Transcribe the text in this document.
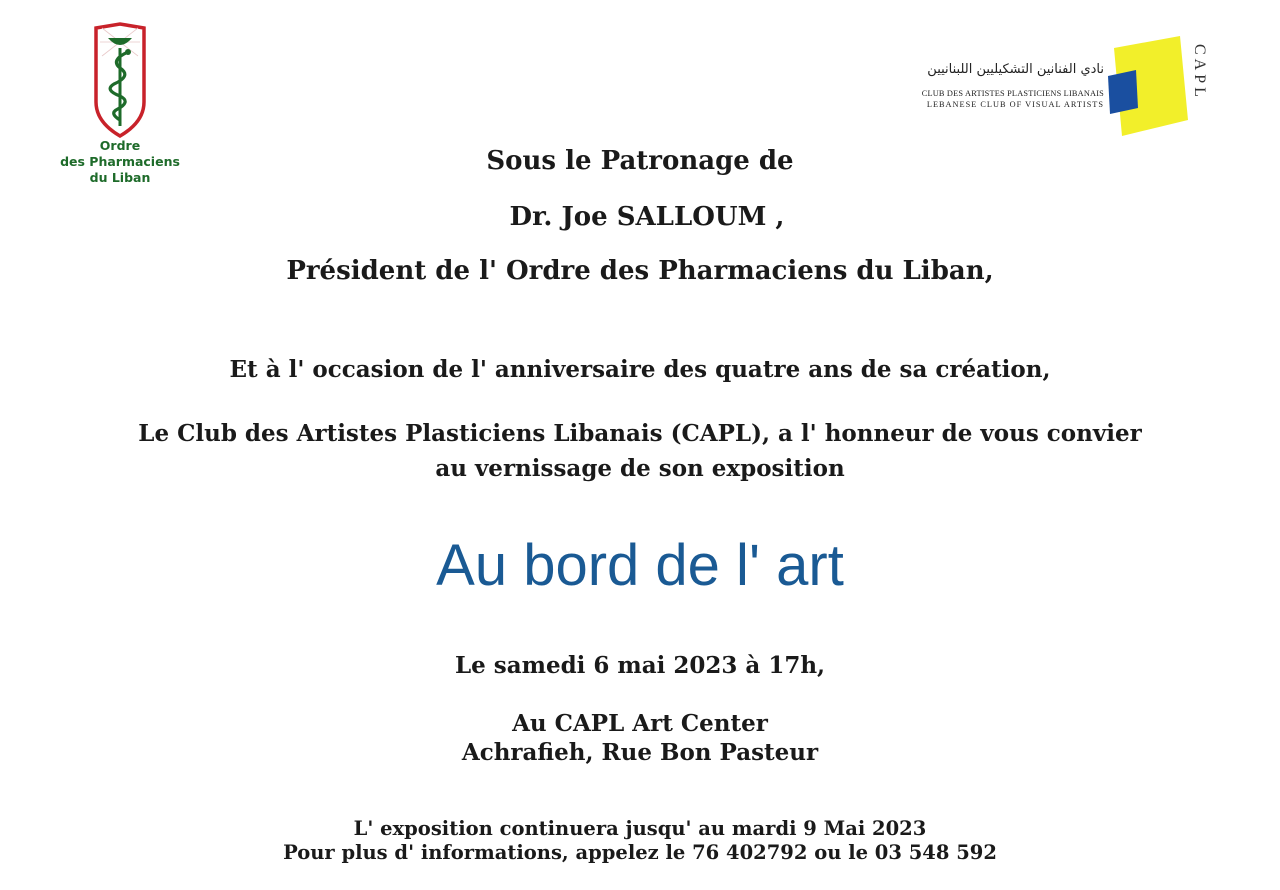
Ordre
des Pharmaciens
du Liban
نادي الفنانين التشكيليين اللبنانيين
CLUB DES ARTISTES PLASTICIENS LIBANAIS
LEBANESE CLUB OF VISUAL ARTISTS
CAPL
Sous le Patronage de
Dr. Joe SALLOUM ,
Président de l' Ordre des Pharmaciens du Liban,
Et à l' occasion de l' anniversaire des quatre ans de sa création,
Le Club des Artistes Plasticiens Libanais (CAPL), a l' honneur de vous convier
au vernissage de son exposition
Au bord de l' art
Le samedi 6 mai 2023 à 17h,
Au CAPL Art Center
Achrafieh, Rue Bon Pasteur
L' exposition continuera jusqu' au mardi 9 Mai 2023
Pour plus d' informations, appelez le 76 402792 ou le 03 548 592
